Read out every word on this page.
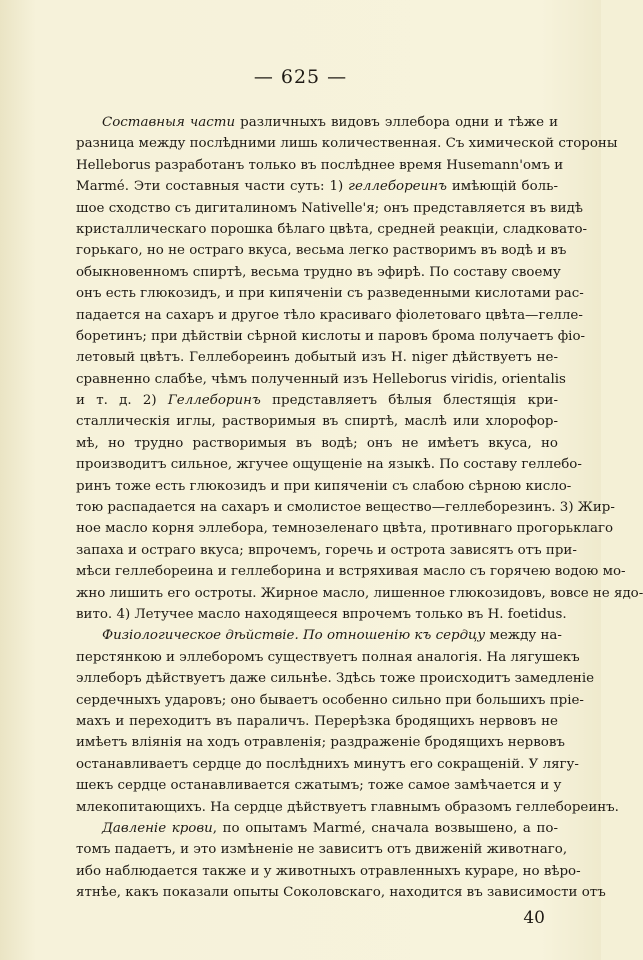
— 625 —
Составныя части различныхъ видовъ эллебора одни и тѣже и
разница между послѣдними лишь количественная. Съ химической стороны
Helleborus разработанъ только въ послѣднее время Husemann'омъ и
Marmé. Эти составныя части суть: 1) геллебореинъ имѣющій боль-
шое сходство съ дигиталиномъ Nativelle'я; онъ представляется въ видѣ
кристаллическаго порошка бѣлаго цвѣта, средней реакціи, сладковато-
горькаго, но не остраго вкуса, весьма легко растворимъ въ водѣ и въ
обыкновенномъ спиртѣ, весьма трудно въ эфирѣ. По составу своему
онъ есть глюкозидъ, и при кипяченіи съ разведенными кислотами рас-
падается на сахаръ и другое тѣло красиваго фіолетоваго цвѣта—гелле-
боретинъ; при дѣйствіи сѣрной кислоты и паровъ брома получаетъ фіо-
летовый цвѣтъ. Геллебореинъ добытый изъ H. niger дѣйствуетъ не-
сравненно слабѣе, чѣмъ полученный изъ Helleborus viridis, orientalis
и т. д. 2) Геллеборинъ представляетъ бѣлыя блестящія кри-
сталлическія иглы, растворимыя въ спиртѣ, маслѣ или хлорофор-
мѣ, но трудно растворимыя въ водѣ; онъ не имѣетъ вкуса, но
производитъ сильное, жгучее ощущеніе на языкѣ. По составу геллебо-
ринъ тоже есть глюкозидъ и при кипяченіи съ слабою сѣрною кисло-
тою распадается на сахаръ и смолистое вещество—геллеборезинъ. 3) Жир-
ное масло корня эллебора, темнозеленаго цвѣта, противнаго прогорьклаго
запаха и остраго вкуса; впрочемъ, горечь и острота зависятъ отъ при-
мѣси геллебореина и геллеборина и встряхивая масло съ горячею водою мо-
жно лишить его остроты. Жирное масло, лишенное глюкозидовъ, вовсе не ядо-
вито. 4) Летучее масло находящееся впрочемъ только въ H. foetidus.
Физіологическое дѣйствіе. По отношенію къ сердцу между на-
перстянкою и эллеборомъ существуетъ полная аналогія. На лягушекъ
эллеборъ дѣйствуетъ даже сильнѣе. Здѣсь тоже происходитъ замедленіе
сердечныхъ ударовъ; оно бываетъ особенно сильно при большихъ пріе-
махъ и переходитъ въ параличъ. Перерѣзка бродящихъ нервовъ не
имѣетъ вліянія на ходъ отравленія; раздраженіе бродящихъ нервовъ
останавливаетъ сердце до послѣднихъ минутъ его сокращеній. У лягу-
шекъ сердце останавливается сжатымъ; тоже самое замѣчается и у
млекопитающихъ. На сердце дѣйствуетъ главнымъ образомъ геллебореинъ.
Давленіе крови, по опытамъ Marmé, сначала возвышено, а по-
томъ падаетъ, и это измѣненіе не зависитъ отъ движеній животнаго,
ибо наблюдается также и у животныхъ отравленныхъ кураре, но вѣро-
ятнѣе, какъ показали опыты Соколовскаго, находится въ зависимости отъ
40
